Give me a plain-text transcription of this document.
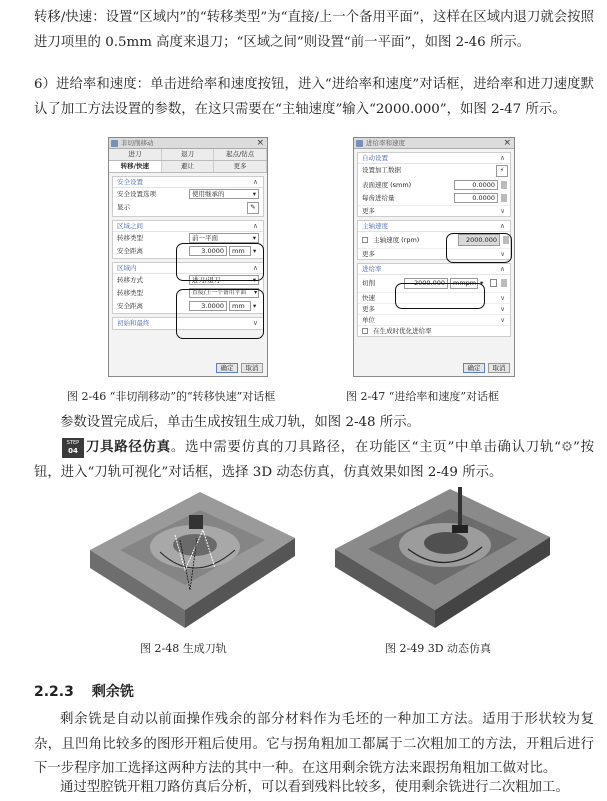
转移/快速：设置“区域内”的“转移类型”为“直接/上一个备用平面”，这样在区域内退刀就会按照进刀项里的 0.5mm 高度来退刀；“区域之间”则设置“前一平面”，如图 2-46 所示。
6）进给率和速度：单击进给率和速度按钮，进入“进给率和速度”对话框，进给率和进刀速度默认了加工方法设置的参数，在这只需要在“主轴速度”输入“2000.000”，如图 2-47 所示。
非切削移动	×
进刀	退刀	起点/钻点
转移/快速	避让	更多
安全设置	∧
安全设置选项	使用继承的	▾
显示	✎
区域之间	∧
转移类型	前一平面	▾
安全距离	3.0000	mm	▾
区域内	∧
转移方式	进刀/退刀	▾
转移类型	直接/上一个备用平面 ▾
安全距离	3.0000	mm	▾
初始和最终	∨
确定	取消
进给率和速度	×
自动设置	∧
设置加工数据	⚡
表面速度 (smm)	0.0000
每齿进给量	0.0000
更多	∨
主轴速度	∧
主轴速度 (rpm)	2000.000
更多	∨
进给率	∧
切削	2000.000	mmpm ▾
快速	∨
更多	∨
单位	∨
在生成时优化进给率
确定	取消
图 2-46 “非切削移动”的“转移快速”对话框	图 2-47 “进给率和速度”对话框
参数设置完成后，单击生成按钮生成刀轨，如图 2-48 所示。
STEP
04 刀具路径仿真。选中需要仿真的刀具路径，在功能区“主页”中单击确认刀轨“⚙”按钮，进入“刀轨可视化”对话框，选择 3D 动态仿真，仿真效果如图 2-49 所示。
图 2-48 生成刀轨	图 2-49 3D 动态仿真
2.2.3 剩余铣
剩余铣是自动以前面操作残余的部分材料作为毛坯的一种加工方法。适用于形状较为复杂，且凹角比较多的图形开粗后使用。它与拐角粗加工都属于二次粗加工的方法，开粗后进行下一步程序加工选择这两种方法的其中一种。在这用剩余铣方法来跟拐角粗加工做对比。
通过型腔铣开粗刀路仿真后分析，可以看到残料比较多，使用剩余铣进行二次粗加工。
